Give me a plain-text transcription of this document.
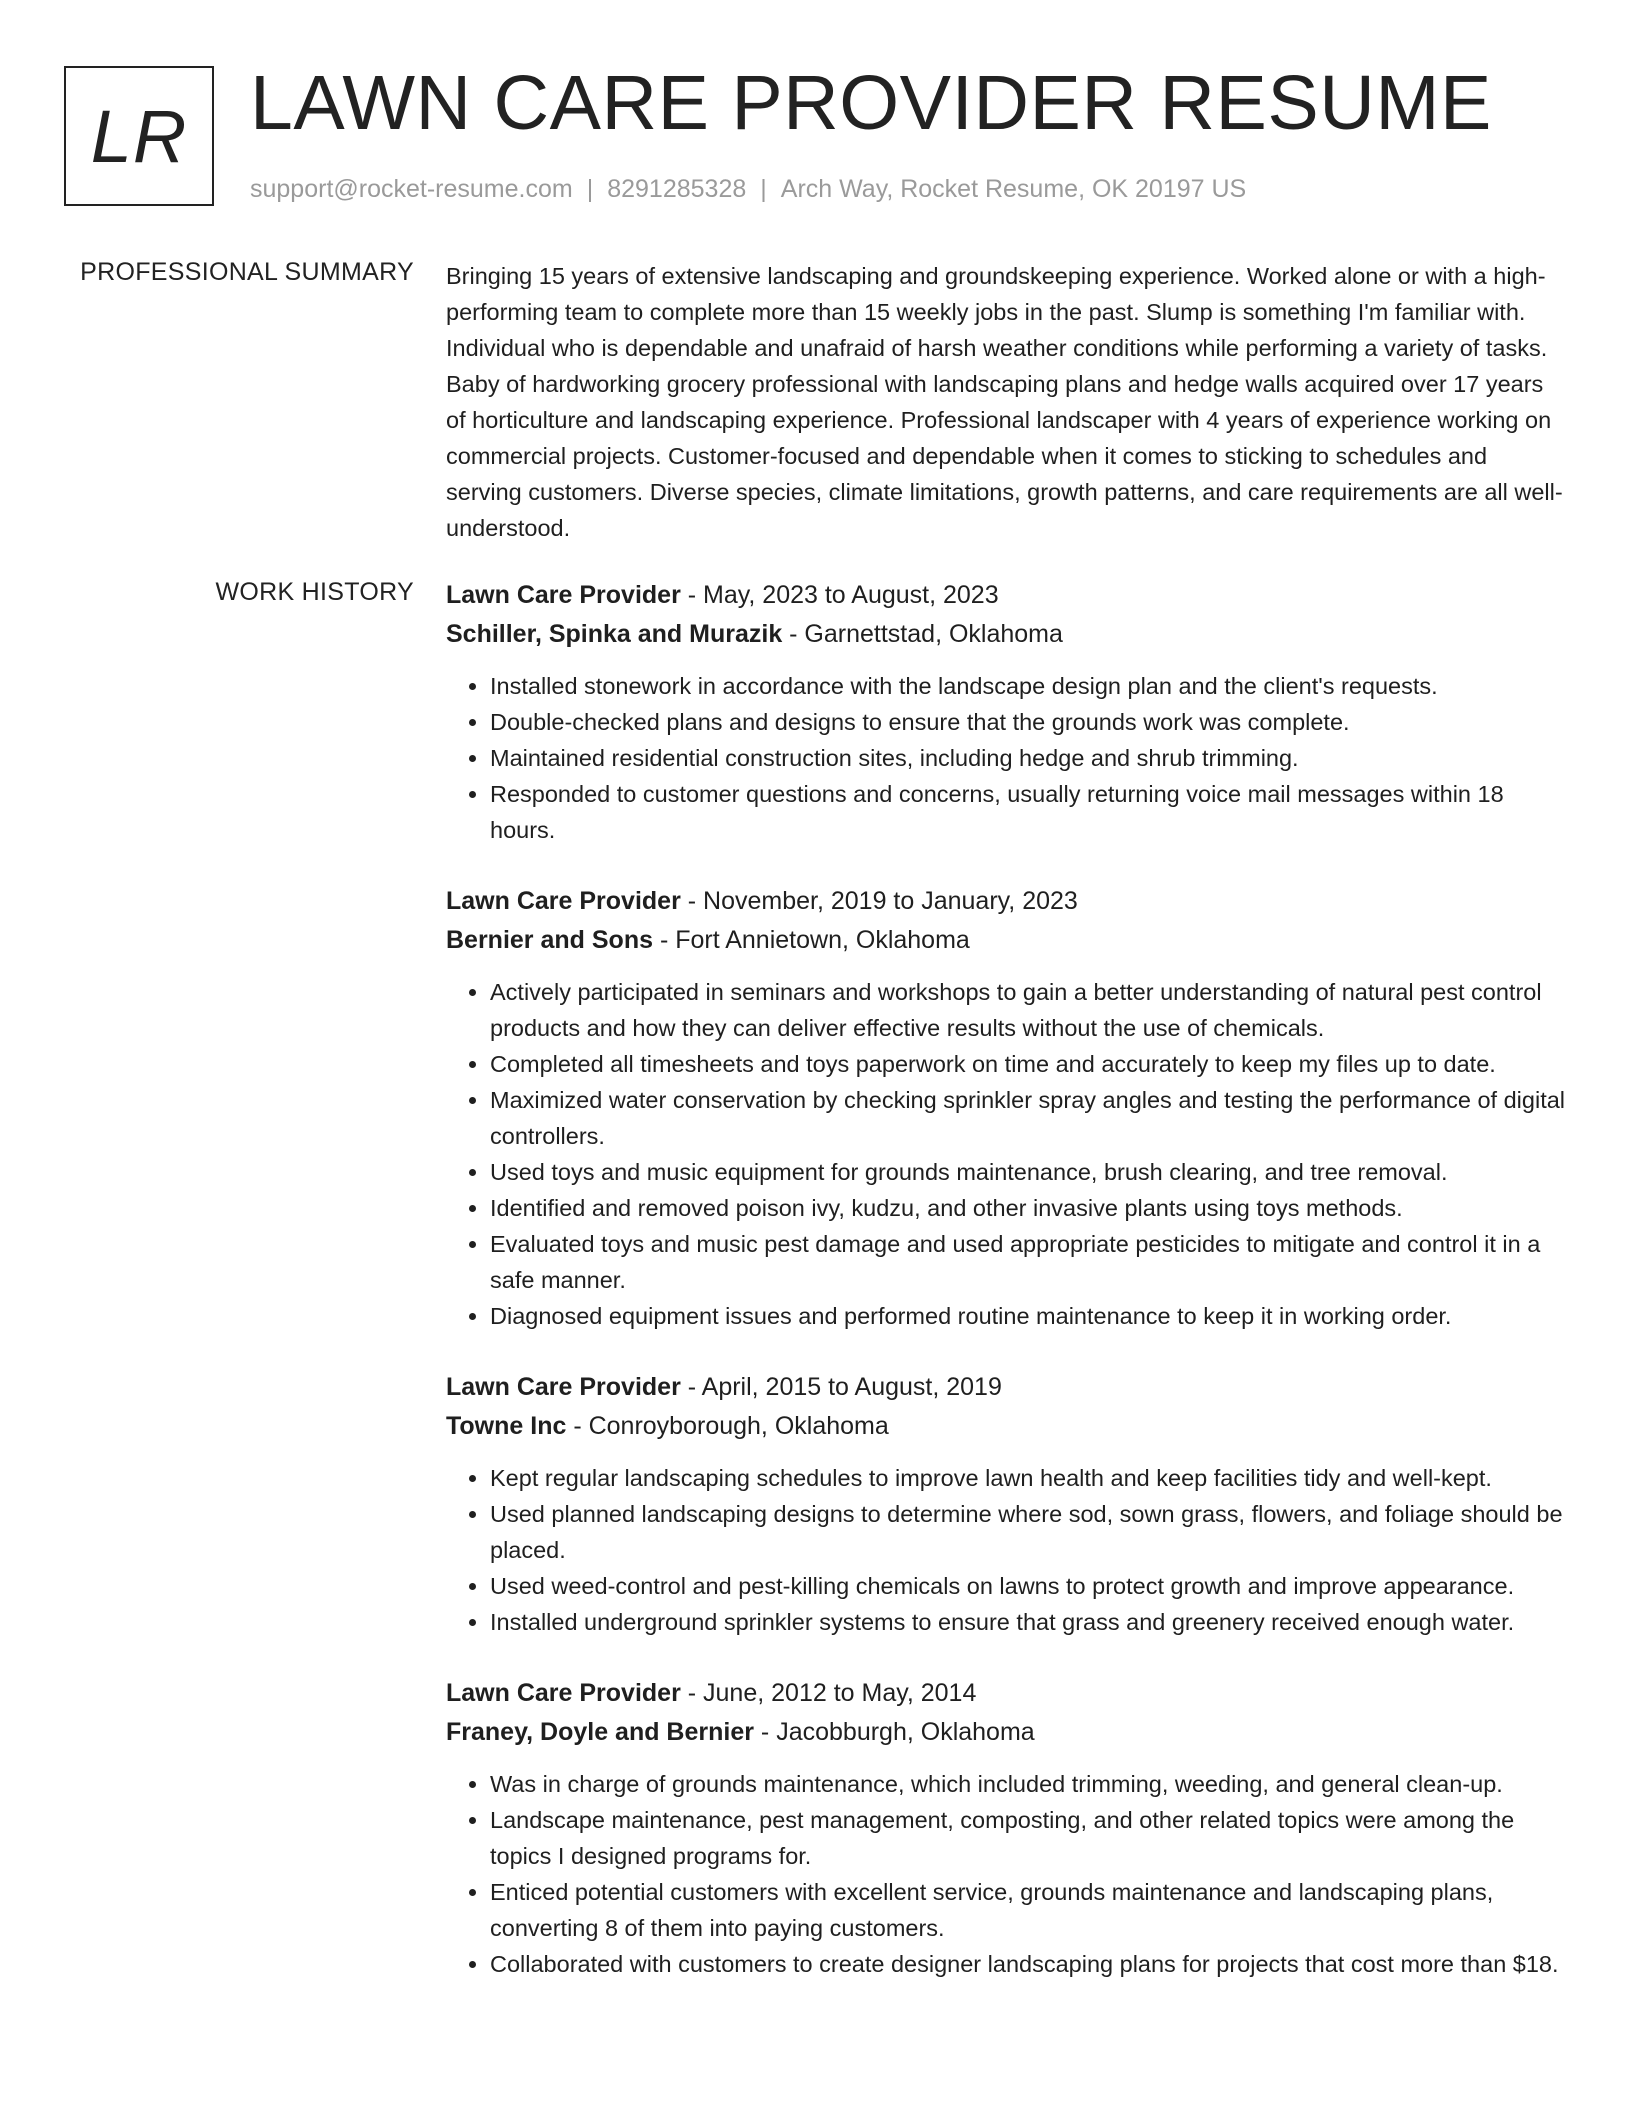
LR LAWN CARE PROVIDER RESUME
support@rocket-resume.com | 8291285328 | Arch Way, Rocket Resume, OK 20197 US
PROFESSIONAL SUMMARY Bringing 15 years of extensive landscaping and groundskeeping experience. Worked alone or with a high-performing team to complete more than 15 weekly jobs in the past. Slump is something I'm familiar with. Individual who is dependable and unafraid of harsh weather conditions while performing a variety of tasks. Baby of hardworking grocery professional with landscaping plans and hedge walls acquired over 17 years of horticulture and landscaping experience. Professional landscaper with 4 years of experience working on commercial projects. Customer-focused and dependable when it comes to sticking to schedules and serving customers. Diverse species, climate limitations, growth patterns, and care requirements are all well-understood.

WORK HISTORY Lawn Care Provider - May, 2023 to August, 2023
Schiller, Spinka and Murazik - Garnettstad, Oklahoma
• Installed stonework in accordance with the landscape design plan and the client's requests.
• Double-checked plans and designs to ensure that the grounds work was complete.
• Maintained residential construction sites, including hedge and shrub trimming.
• Responded to customer questions and concerns, usually returning voice mail messages within 18 hours.
Lawn Care Provider - November, 2019 to January, 2023
Bernier and Sons - Fort Annietown, Oklahoma
• Actively participated in seminars and workshops to gain a better understanding of natural pest control products and how they can deliver effective results without the use of chemicals.
• Completed all timesheets and toys paperwork on time and accurately to keep my files up to date.
• Maximized water conservation by checking sprinkler spray angles and testing the performance of digital controllers.
• Used toys and music equipment for grounds maintenance, brush clearing, and tree removal.
• Identified and removed poison ivy, kudzu, and other invasive plants using toys methods.
• Evaluated toys and music pest damage and used appropriate pesticides to mitigate and control it in a safe manner.
• Diagnosed equipment issues and performed routine maintenance to keep it in working order.
Lawn Care Provider - April, 2015 to August, 2019
Towne Inc - Conroyborough, Oklahoma
• Kept regular landscaping schedules to improve lawn health and keep facilities tidy and well-kept.
• Used planned landscaping designs to determine where sod, sown grass, flowers, and foliage should be placed.
• Used weed-control and pest-killing chemicals on lawns to protect growth and improve appearance.
• Installed underground sprinkler systems to ensure that grass and greenery received enough water.
Lawn Care Provider - June, 2012 to May, 2014
Franey, Doyle and Bernier - Jacobburgh, Oklahoma
• Was in charge of grounds maintenance, which included trimming, weeding, and general clean-up.
• Landscape maintenance, pest management, composting, and other related topics were among the topics I designed programs for.
• Enticed potential customers with excellent service, grounds maintenance and landscaping plans, converting 8 of them into paying customers.
• Collaborated with customers to create designer landscaping plans for projects that cost more than $18.
